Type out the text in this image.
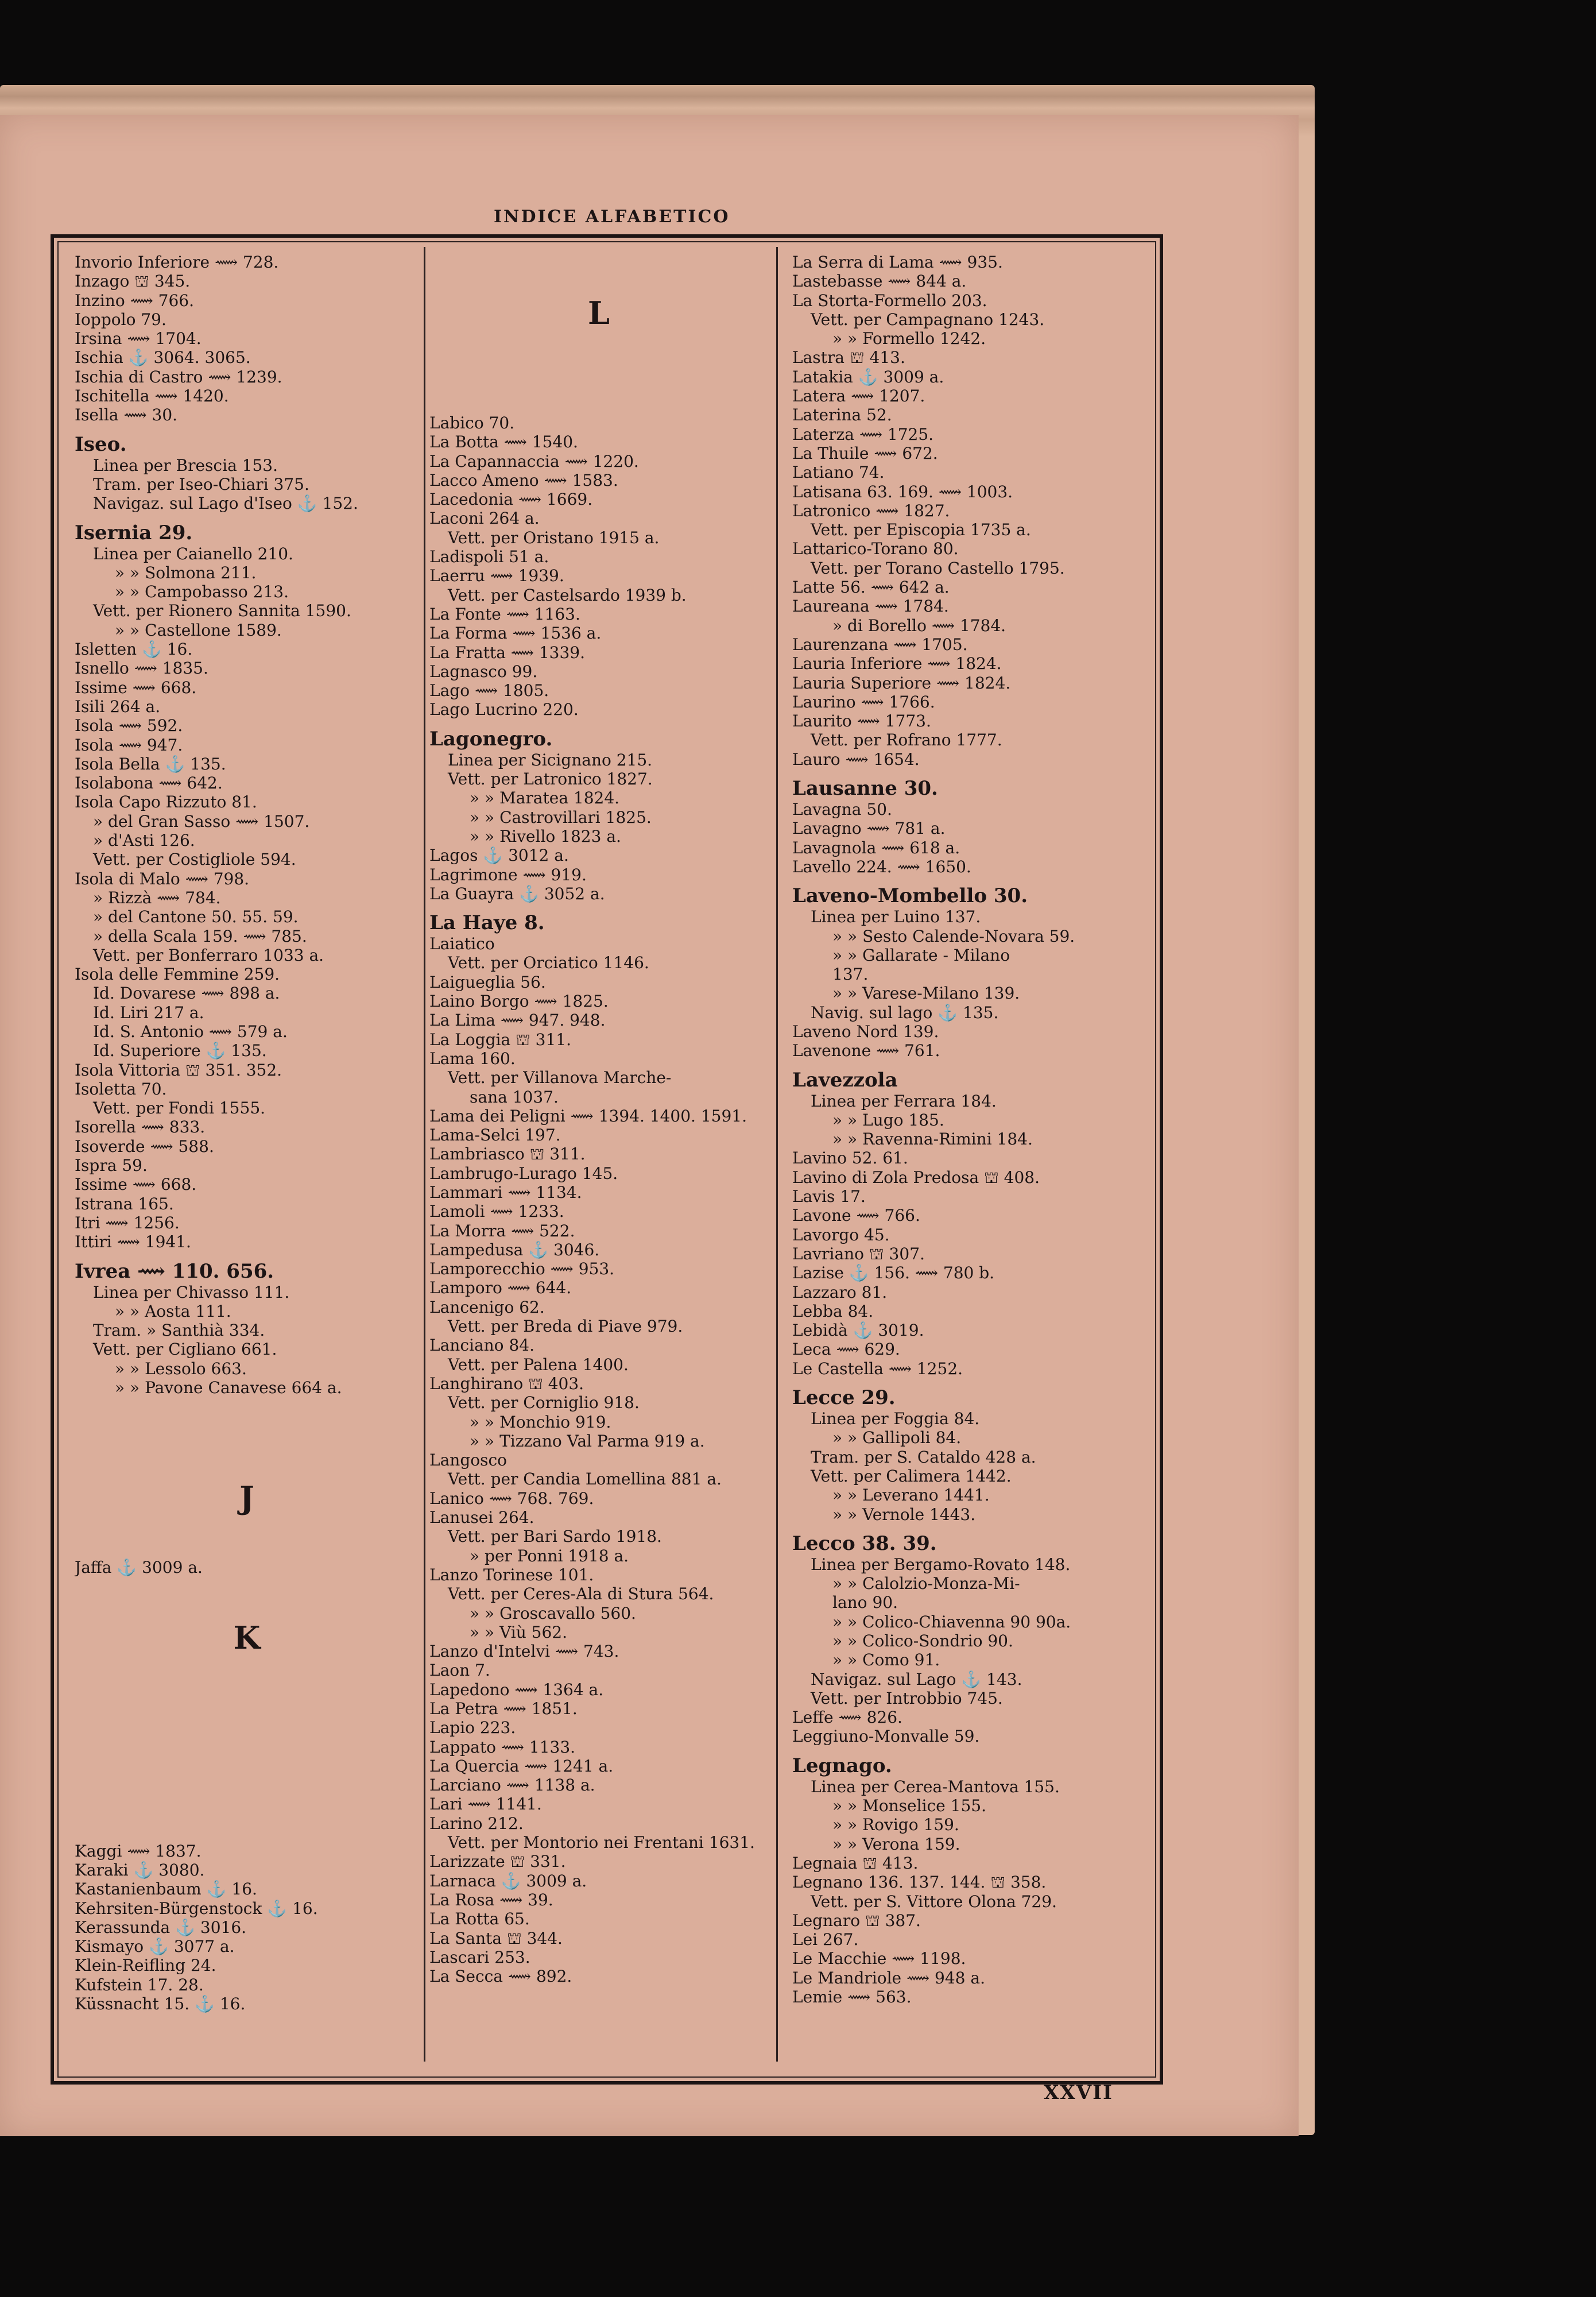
INDICE ALFABETICO
Invorio Inferiore ⟿ 728.
Inzago ⛫ 345.
Inzino ⟿ 766.
Ioppolo 79.
Irsina ⟿ 1704.
Ischia ⚓ 3064. 3065.
Ischia di Castro ⟿ 1239.
Ischitella ⟿ 1420.
Isella ⟿ 30.
Iseo.
Linea per Brescia 153.
Tram. per Iseo-Chiari 375.
Navigaz. sul Lago d'Iseo ⚓ 152.
Isernia 29.
Linea per Caianello 210.
» » Solmona 211.
» » Campobasso 213.
Vett. per Rionero Sannita 1590.
» » Castellone 1589.
Isletten ⚓ 16.
Isnello ⟿ 1835.
Issime ⟿ 668.
Isili 264 a.
Isola ⟿ 592.
Isola ⟿ 947.
Isola Bella ⚓ 135.
Isolabona ⟿ 642.
Isola Capo Rizzuto 81.
» del Gran Sasso ⟿ 1507.
» d'Asti 126.
Vett. per Costigliole 594.
Isola di Malo ⟿ 798.
» Rizzà ⟿ 784.
» del Cantone 50. 55. 59.
» della Scala 159. ⟿ 785.
Vett. per Bonferraro 1033 a.
Isola delle Femmine 259.
Id. Dovarese ⟿ 898 a.
Id. Liri 217 a.
Id. S. Antonio ⟿ 579 a.
Id. Superiore ⚓ 135.
Isola Vittoria ⛫ 351. 352.
Isoletta 70.
Vett. per Fondi 1555.
Isorella ⟿ 833.
Isoverde ⟿ 588.
Ispra 59.
Issime ⟿ 668.
Istrana 165.
Itri ⟿ 1256.
Ittiri ⟿ 1941.
Ivrea ⟿ 110. 656.
Linea per Chivasso 111.
» » Aosta 111.
Tram. » Santhià 334.
Vett. per Cigliano 661.
» » Lessolo 663.
» » Pavone Canavese 664 a.
J
Jaffa ⚓ 3009 a.
K
Kaggi ⟿ 1837.
Karaki ⚓ 3080.
Kastanienbaum ⚓ 16.
Kehrsiten-Bürgenstock ⚓ 16.
Kerassunda ⚓ 3016.
Kismayo ⚓ 3077 a.
Klein-Reifling 24.
Kufstein 17. 28.
Küssnacht 15. ⚓ 16.
L
Labico 70.
La Botta ⟿ 1540.
La Capannaccia ⟿ 1220.
Lacco Ameno ⟿ 1583.
Lacedonia ⟿ 1669.
Laconi 264 a.
Vett. per Oristano 1915 a.
Ladispoli 51 a.
Laerru ⟿ 1939.
Vett. per Castelsardo 1939 b.
La Fonte ⟿ 1163.
La Forma ⟿ 1536 a.
La Fratta ⟿ 1339.
Lagnasco 99.
Lago ⟿ 1805.
Lago Lucrino 220.
Lagonegro.
Linea per Sicignano 215.
Vett. per Latronico 1827.
» » Maratea 1824.
» » Castrovillari 1825.
» » Rivello 1823 a.
Lagos ⚓ 3012 a.
Lagrimone ⟿ 919.
La Guayra ⚓ 3052 a.
La Haye 8.
Laiatico
Vett. per Orciatico 1146.
Laigueglia 56.
Laino Borgo ⟿ 1825.
La Lima ⟿ 947. 948.
La Loggia ⛫ 311.
Lama 160.
Vett. per Villanova Marche-
sana 1037.
Lama dei Peligni ⟿ 1394. 1400. 1591.
Lama-Selci 197.
Lambriasco ⛫ 311.
Lambrugo-Lurago 145.
Lammari ⟿ 1134.
Lamoli ⟿ 1233.
La Morra ⟿ 522.
Lampedusa ⚓ 3046.
Lamporecchio ⟿ 953.
Lamporo ⟿ 644.
Lancenigo 62.
Vett. per Breda di Piave 979.
Lanciano 84.
Vett. per Palena 1400.
Langhirano ⛫ 403.
Vett. per Corniglio 918.
» » Monchio 919.
» » Tizzano Val Parma 919 a.
Langosco
Vett. per Candia Lomellina 881 a.
Lanico ⟿ 768. 769.
Lanusei 264.
Vett. per Bari Sardo 1918.
» per Ponni 1918 a.
Lanzo Torinese 101.
Vett. per Ceres-Ala di Stura 564.
» » Groscavallo 560.
» » Viù 562.
Lanzo d'Intelvi ⟿ 743.
Laon 7.
Lapedono ⟿ 1364 a.
La Petra ⟿ 1851.
Lapio 223.
Lappato ⟿ 1133.
La Quercia ⟿ 1241 a.
Larciano ⟿ 1138 a.
Lari ⟿ 1141.
Larino 212.
Vett. per Montorio nei Frentani 1631.
Larizzate ⛫ 331.
Larnaca ⚓ 3009 a.
La Rosa ⟿ 39.
La Rotta 65.
La Santa ⛫ 344.
Lascari 253.
La Secca ⟿ 892.
La Serra di Lama ⟿ 935.
Lastebasse ⟿ 844 a.
La Storta-Formello 203.
Vett. per Campagnano 1243.
» » Formello 1242.
Lastra ⛫ 413.
Latakia ⚓ 3009 a.
Latera ⟿ 1207.
Laterina 52.
Laterza ⟿ 1725.
La Thuile ⟿ 672.
Latiano 74.
Latisana 63. 169. ⟿ 1003.
Latronico ⟿ 1827.
Vett. per Episcopia 1735 a.
Lattarico-Torano 80.
Vett. per Torano Castello 1795.
Latte 56. ⟿ 642 a.
Laureana ⟿ 1784.
» di Borello ⟿ 1784.
Laurenzana ⟿ 1705.
Lauria Inferiore ⟿ 1824.
Lauria Superiore ⟿ 1824.
Laurino ⟿ 1766.
Laurito ⟿ 1773.
Vett. per Rofrano 1777.
Lauro ⟿ 1654.
Lausanne 30.
Lavagna 50.
Lavagno ⟿ 781 a.
Lavagnola ⟿ 618 a.
Lavello 224. ⟿ 1650.
Laveno-Mombello 30.
Linea per Luino 137.
» » Sesto Calende-Novara 59.
» » Gallarate - Milano
137.
» » Varese-Milano 139.
Navig. sul lago ⚓ 135.
Laveno Nord 139.
Lavenone ⟿ 761.
Lavezzola
Linea per Ferrara 184.
» » Lugo 185.
» » Ravenna-Rimini 184.
Lavino 52. 61.
Lavino di Zola Predosa ⛫ 408.
Lavis 17.
Lavone ⟿ 766.
Lavorgo 45.
Lavriano ⛫ 307.
Lazise ⚓ 156. ⟿ 780 b.
Lazzaro 81.
Lebba 84.
Lebidà ⚓ 3019.
Leca ⟿ 629.
Le Castella ⟿ 1252.
Lecce 29.
Linea per Foggia 84.
» » Gallipoli 84.
Tram. per S. Cataldo 428 a.
Vett. per Calimera 1442.
» » Leverano 1441.
» » Vernole 1443.
Lecco 38. 39.
Linea per Bergamo-Rovato 148.
» » Calolzio-Monza-Mi-
lano 90.
» » Colico-Chiavenna 90 90a.
» » Colico-Sondrio 90.
» » Como 91.
Navigaz. sul Lago ⚓ 143.
Vett. per Introbbio 745.
Leffe ⟿ 826.
Leggiuno-Monvalle 59.
Legnago.
Linea per Cerea-Mantova 155.
» » Monselice 155.
» » Rovigo 159.
» » Verona 159.
Legnaia ⛫ 413.
Legnano 136. 137. 144. ⛫ 358.
Vett. per S. Vittore Olona 729.
Legnaro ⛫ 387.
Lei 267.
Le Macchie ⟿ 1198.
Le Mandriole ⟿ 948 a.
Lemie ⟿ 563.
XXVII
